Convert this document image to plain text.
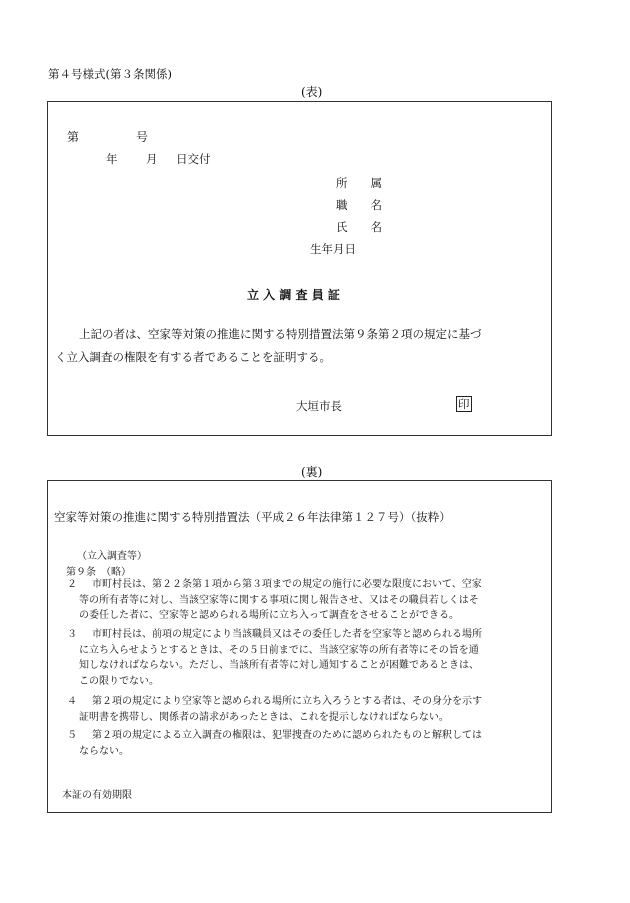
第４号様式(第３条関係)
(表)
第	号
年 月 日交付
所　　属
職　　名
氏　　名
生年月日
立 入 調 査 員 証
上記の者は、空家等対策の推進に関する特別措置法第９条第２項の規定に基づ
く立入調査の権限を有する者であることを証明する。
大垣市長	印
(裏)
空家等対策の推進に関する特別措置法（平成２６年法律第１２７号）（抜粋）
（立入調査等）
第９条　（略）
２ 市町村長は、第２２条第１項から第３項までの規定の施行に必要な限度において、空家
等の所有者等に対し、当該空家等に関する事項に関し報告させ、又はその職員若しくはそ
の委任した者に、空家等と認められる場所に立ち入って調査をさせることができる。
３ 市町村長は、前項の規定により当該職員又はその委任した者を空家等と認められる場所
に立ち入らせようとするときは、その５日前までに、当該空家等の所有者等にその旨を通
知しなければならない。ただし、当該所有者等に対し通知することが困難であるときは、
この限りでない。
４ 第２項の規定により空家等と認められる場所に立ち入ろうとする者は、その身分を示す
証明書を携帯し、関係者の請求があったときは、これを提示しなければならない。
５ 第２項の規定による立入調査の権限は、犯罪捜査のために認められたものと解釈しては
ならない。
本証の有効期限
